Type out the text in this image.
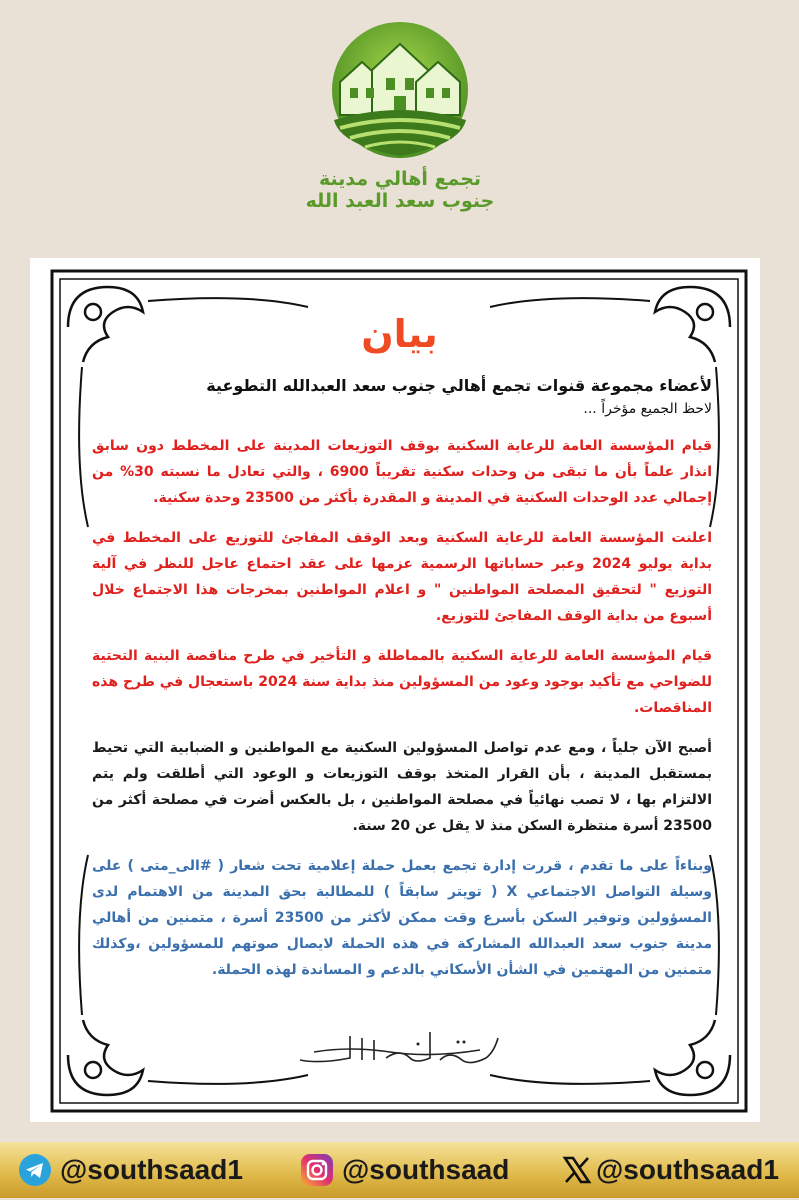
تجمع أهالي مدينة
جنوب سعد العبد الله
بيان
لأعضاء مجموعة قنوات تجمع أهالي جنوب سعد العبدالله التطوعية
لاحظ الجميع مؤخراً ...
قيام المؤسسة العامة للرعاية السكنية بوقف التوزيعات المدينة على المخطط دون سابق انذار علماً بأن ما تبقى من وحدات سكنية تقريباً 6900 ، والتي تعادل ما نسبته 30% من إجمالي عدد الوحدات السكنية في المدينة و المقدرة بأكثر من 23500 وحدة سكنية.
اعلنت المؤسسة العامة للرعاية السكنية وبعد الوقف المفاجئ للتوزيع على المخطط في بداية يوليو 2024 وعبر حساباتها الرسمية عزمها على عقد احتماع عاجل للنظر في آلية التوزيع " لتحقيق المصلحة المواطنين " و اعلام المواطنين بمخرجات هذا الاجتماع خلال أسبوع من بداية الوقف المفاجئ للتوزيع.
قيام المؤسسة العامة للرعاية السكنية بالمماطلة و التأخير في طرح مناقصة البنية التحتية للضواحي مع تأكيد بوجود وعود من المسؤولين منذ بداية سنة 2024 باستعجال في طرح هذه المناقصات.
أصبح الآن جلياً ، ومع عدم تواصل المسؤولين السكنية مع المواطنين و الضبابية التي تحيط بمستقبل المدينة ، بأن القرار المتخذ بوقف التوزيعات و الوعود التي أطلقت ولم يتم الالتزام بها ، لا تصب نهائياً في مصلحة المواطنين ، بل بالعكس أضرت في مصلحة أكثر من 23500 أسرة منتظرة السكن منذ لا يقل عن 20 سنة.
وبناءاً على ما تقدم ، قررت إدارة تجمع بعمل حملة إعلامية تحت شعار ( #الى_متى ) على وسيلة التواصل الاجتماعي X ( تويتر سابقاً ) للمطالبة بحق المدينة من الاهتمام لدى المسؤولين وتوفير السكن بأسرع وقت ممكن لأكثر من 23500 أسرة ، متمنين من أهالي مدينة جنوب سعد العبدالله المشاركة في هذه الحملة لايصال صوتهم للمسؤولين ،وكذلك متمنين من المهتمين في الشأن الأسكاني بالدعم و المساندة لهذه الحملة.
@southsaad1	@southsaad	@southsaad1
